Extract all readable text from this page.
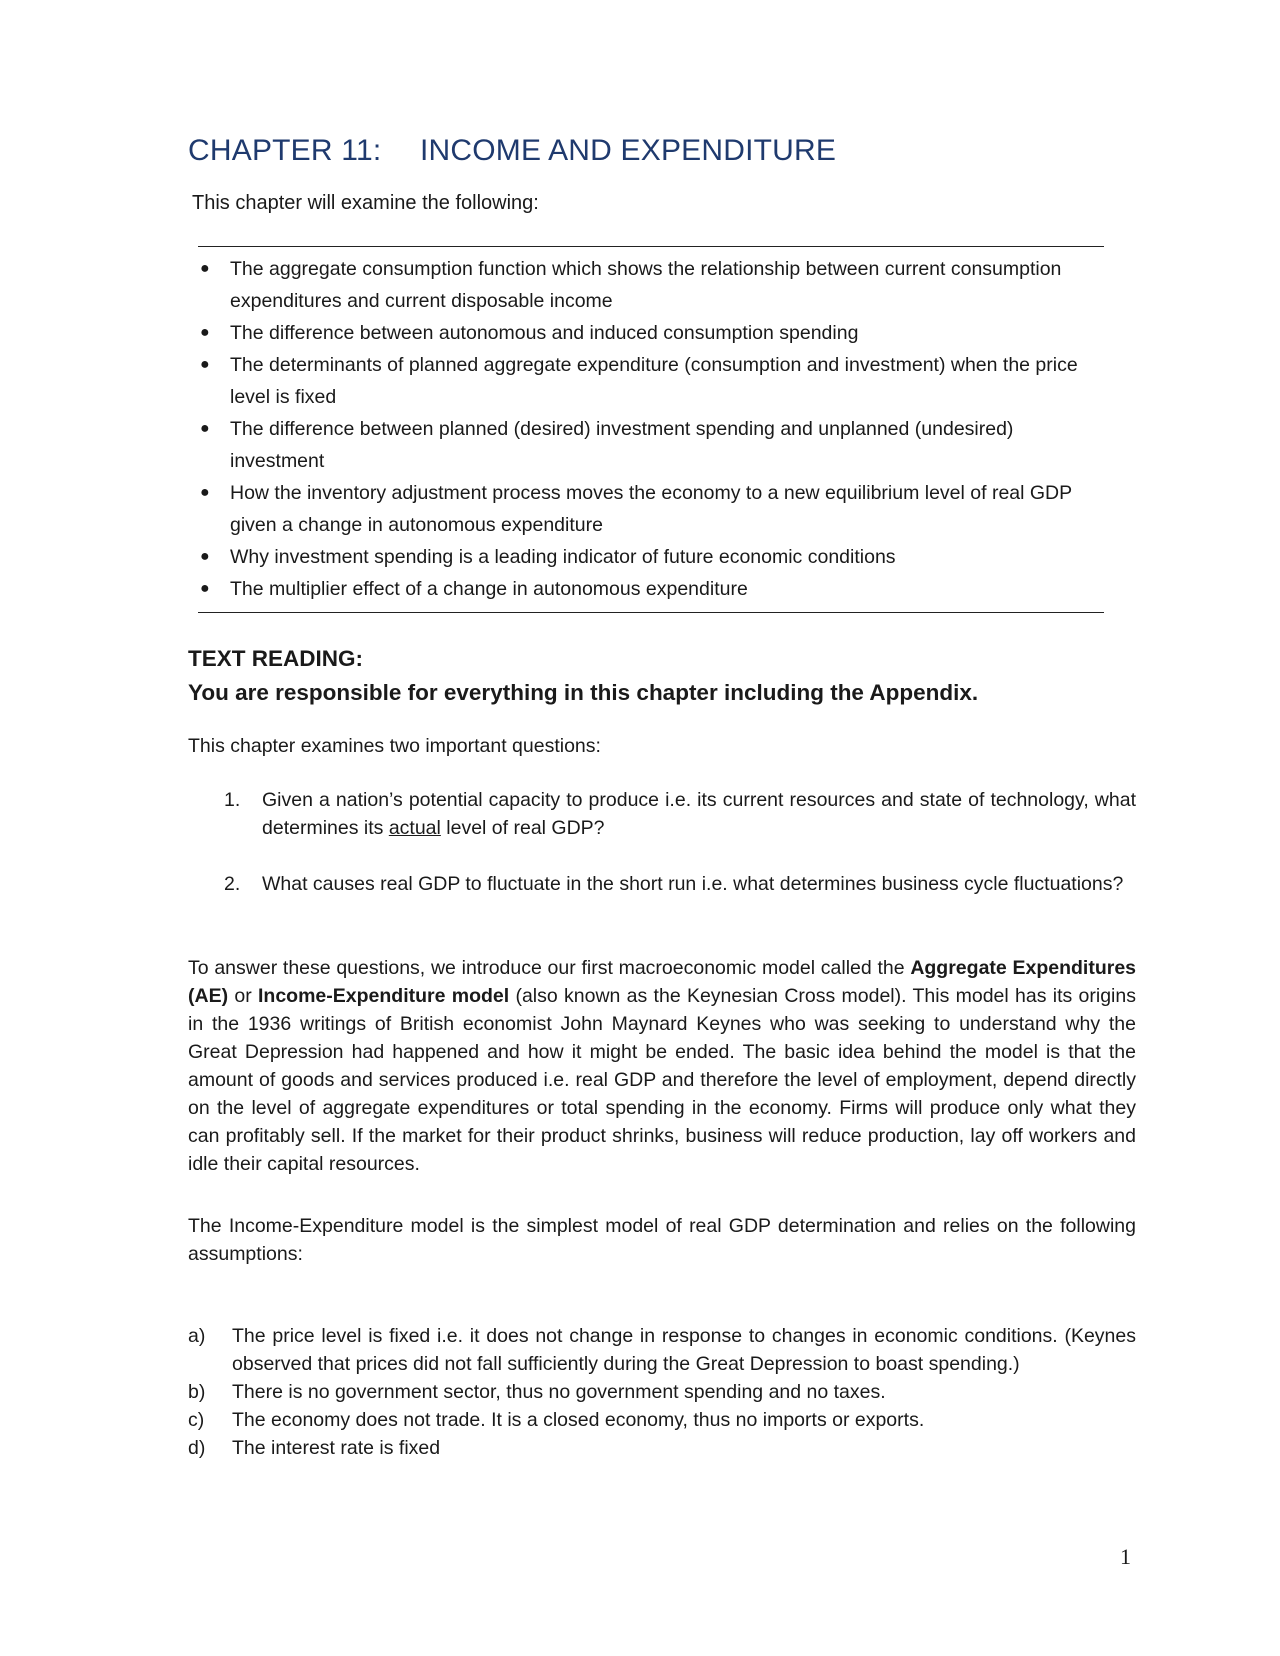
CHAPTER 11: INCOME AND EXPENDITURE
This chapter will examine the following:
● The aggregate consumption function which shows the relationship between current consumption expenditures and current disposable income
● The difference between autonomous and induced consumption spending
● The determinants of planned aggregate expenditure (consumption and investment) when the price level is fixed
● The difference between planned (desired) investment spending and unplanned (undesired) investment
● How the inventory adjustment process moves the economy to a new equilibrium level of real GDP given a change in autonomous expenditure
● Why investment spending is a leading indicator of future economic conditions
● The multiplier effect of a change in autonomous expenditure
TEXT READING:
You are responsible for everything in this chapter including the Appendix.
This chapter examines two important questions:
1. Given a nation’s potential capacity to produce i.e. its current resources and state of technology, what determines its actual level of real GDP?
2. What causes real GDP to fluctuate in the short run i.e. what determines business cycle fluctuations?
To answer these questions, we introduce our first macroeconomic model called the Aggregate Expenditures (AE) or Income-Expenditure model (also known as the Keynesian Cross model). This model has its origins in the 1936 writings of British economist John Maynard Keynes who was seeking to understand why the Great Depression had happened and how it might be ended. The basic idea behind the model is that the amount of goods and services produced i.e. real GDP and therefore the level of employment, depend directly on the level of aggregate expenditures or total spending in the economy. Firms will produce only what they can profitably sell. If the market for their product shrinks, business will reduce production, lay off workers and idle their capital resources.
The Income-Expenditure model is the simplest model of real GDP determination and relies on the following assumptions:
a) The price level is fixed i.e. it does not change in response to changes in economic conditions. (Keynes observed that prices did not fall sufficiently during the Great Depression to boast spending.)
b) There is no government sector, thus no government spending and no taxes.
c) The economy does not trade. It is a closed economy, thus no imports or exports.
d) The interest rate is fixed
1
